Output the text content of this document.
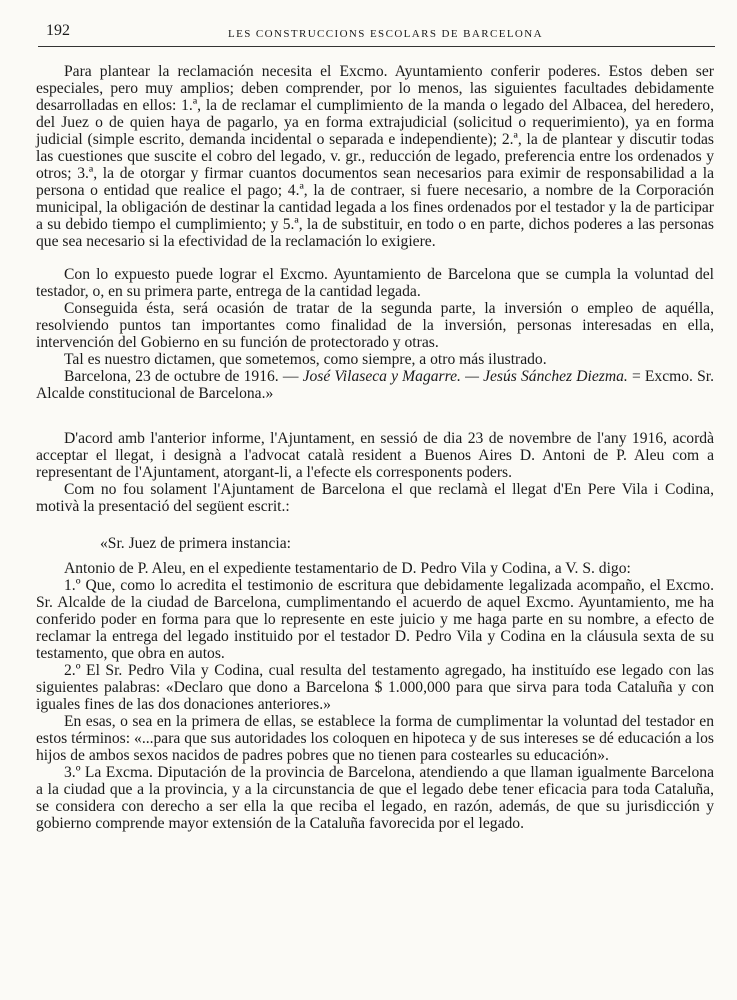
192	LES CONSTRUCCIONS ESCOLARS DE BARCELONA

Para plantear la reclamación necesita el Excmo. Ayuntamiento conferir poderes. Estos deben ser especiales, pero muy amplios; deben comprender, por lo menos, las siguientes facultades debidamente desarrolladas en ellos: 1.ª, la de reclamar el cumplimiento de la manda o legado del Albacea, del heredero, del Juez o de quien haya de pagarlo, ya en forma extrajudicial (solicitud o requerimiento), ya en forma judicial (simple escrito, demanda incidental o separada e independiente); 2.ª, la de plantear y discutir todas las cuestiones que suscite el cobro del legado, v. gr., reducción de legado, preferencia entre los ordenados y otros; 3.ª, la de otorgar y firmar cuantos documentos sean necesarios para eximir de responsabilidad a la persona o entidad que realice el pago; 4.ª, la de contraer, si fuere necesario, a nombre de la Corporación municipal, la obligación de destinar la cantidad legada a los fines ordenados por el testador y la de participar a su debido tiempo el cumplimiento; y 5.ª, la de substituir, en todo o en parte, dichos poderes a las personas que sea necesario si la efectividad de la reclamación lo exigiere.

Con lo expuesto puede lograr el Excmo. Ayuntamiento de Barcelona que se cumpla la voluntad del testador, o, en su primera parte, entrega de la cantidad legada.

Conseguida ésta, será ocasión de tratar de la segunda parte, la inversión o empleo de aquélla, resolviendo puntos tan importantes como finalidad de la inversión, personas interesadas en ella, intervención del Gobierno en su función de protectorado y otras.

Tal es nuestro dictamen, que sometemos, como siempre, a otro más ilustrado.

Barcelona, 23 de octubre de 1916. — José Vilaseca y Magarre. — Jesús Sánchez Diezma. = Excmo. Sr. Alcalde constitucional de Barcelona.»

D'acord amb l'anterior informe, l'Ajuntament, en sessió de dia 23 de novembre de l'any 1916, acordà acceptar el llegat, i designà a l'advocat català resident a Buenos Aires D. Antoni de P. Aleu com a representant de l'Ajuntament, atorgant-li, a l'efecte els corresponents poders.

Com no fou solament l'Ajuntament de Barcelona el que reclamà el llegat d'En Pere Vila i Codina, motivà la presentació del següent escrit.:

«Sr. Juez de primera instancia:

Antonio de P. Aleu, en el expediente testamentario de D. Pedro Vila y Codina, a V. S. digo:

1.º Que, como lo acredita el testimonio de escritura que debidamente legalizada acompaño, el Excmo. Sr. Alcalde de la ciudad de Barcelona, cumplimentando el acuerdo de aquel Excmo. Ayuntamiento, me ha conferido poder en forma para que lo represente en este juicio y me haga parte en su nombre, a efecto de reclamar la entrega del legado instituido por el testador D. Pedro Vila y Codina en la cláusula sexta de su testamento, que obra en autos.

2.º El Sr. Pedro Vila y Codina, cual resulta del testamento agregado, ha instituído ese legado con las siguientes palabras: «Declaro que dono a Barcelona $ 1.000,000 para que sirva para toda Cataluña y con iguales fines de las dos donaciones anteriores.»

En esas, o sea en la primera de ellas, se establece la forma de cumplimentar la voluntad del testador en estos términos: «...para que sus autoridades los coloquen en hipoteca y de sus intereses se dé educación a los hijos de ambos sexos nacidos de padres pobres que no tienen para costearles su educación».

3.º La Excma. Diputación de la provincia de Barcelona, atendiendo a que llaman igualmente Barcelona a la ciudad que a la provincia, y a la circunstancia de que el legado debe tener eficacia para toda Cataluña, se considera con derecho a ser ella la que reciba el legado, en razón, además, de que su jurisdicción y gobierno comprende mayor extensión de la Cataluña favorecida por el legado.
